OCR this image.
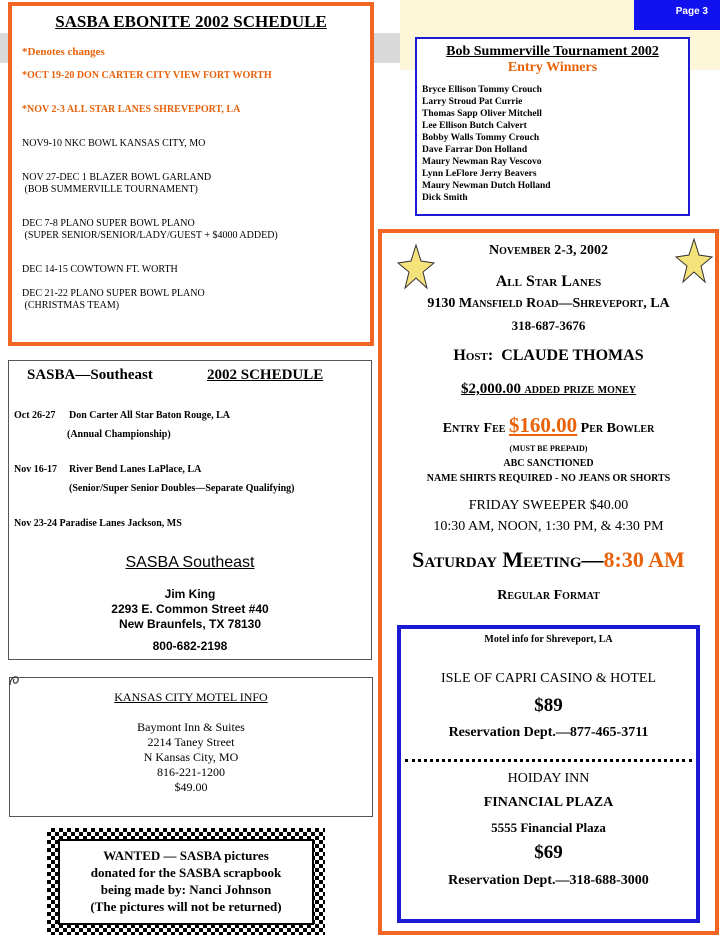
Page 3
SASBA EBONITE 2002 SCHEDULE

*Denotes changes

*OCT 19-20 DON CARTER CITY VIEW FORT WORTH

*NOV 2-3 ALL STAR LANES SHREVEPORT, LA

NOV9-10 NKC BOWL KANSAS CITY, MO

NOV 27-DEC 1 BLAZER BOWL GARLAND

(BOB SUMMERVILLE TOURNAMENT)

DEC 7-8 PLANO SUPER BOWL PLANO

(SUPER SENIOR/SENIOR/LADY/GUEST + $4000 ADDED)

DEC 14-15 COWTOWN FT. WORTH

DEC 21-22 PLANO SUPER BOWL PLANO

(CHRISTMAS TEAM)

Bob Summerville Tournament 2002
Entry Winners
Bryce Ellison Tommy Crouch
Larry Stroud Pat Currie
Thomas Sapp Oliver Mitchell
Lee Ellison Butch Calvert
Bobby Walls Tommy Crouch
Dave Farrar Don Holland
Maury Newman Ray Vescovo
Lynn LeFlore Jerry Beavers
Maury Newman Dutch Holland
Dick Smith
November 2-3, 2002
All Star Lanes
9130 Mansfield Road—Shreveport, LA
318-687-3676
Host: CLAUDE THOMAS
$2,000.00 added prize money
Entry Fee $160.00 Per Bowler
(MUST BE PREPAID)
ABC SANCTIONED
NAME SHIRTS REQUIRED - NO JEANS OR SHORTS
FRIDAY SWEEPER $40.00
10:30 AM, NOON, 1:30 PM, & 4:30 PM
Saturday Meeting—8:30 AM
Regular Format
Motel info for Shreveport, LA
ISLE OF CAPRI CASINO & HOTEL
$89
Reservation Dept.—877-465-3711
HOIDAY INN
FINANCIAL PLAZA
5555 Financial Plaza
$69
Reservation Dept.—318-688-3000
SASBA—Southeast	2002 SCHEDULE
Oct 26-27 Don Carter All Star Baton Rouge, LA
(Annual Championship)
Nov 16-17 River Bend Lanes LaPlace, LA
(Senior/Super Senior Doubles—Separate Qualifying)
Nov 23-24 Paradise Lanes Jackson, MS
SASBA Southeast
Jim King
2293 E. Common Street #40
New Braunfels, TX 78130
800-682-2198
KANSAS CITY MOTEL INFO
Baymont Inn & Suites
2214 Taney Street
N Kansas City, MO
816-221-1200
$49.00
WANTED — SASBA pictures
donated for the SASBA scrapbook
being made by: Nanci Johnson
(The pictures will not be returned)
